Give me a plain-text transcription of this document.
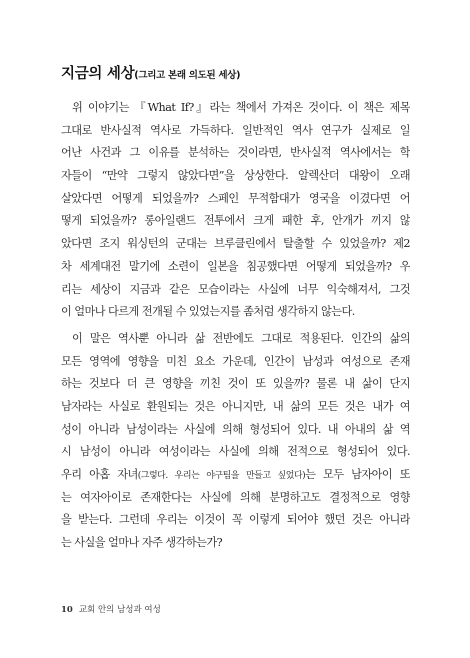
지금의 세상(그리고 본래 의도된 세상)
위 이야기는 『What If?』라는 책에서 가져온 것이다. 이 책은 제목
그대로 반사실적 역사로 가득하다. 일반적인 역사 연구가 실제로 일
어난 사건과 그 이유를 분석하는 것이라면, 반사실적 역사에서는 학
자들이 “만약 그렇지 않았다면”을 상상한다. 알렉산더 대왕이 오래
살았다면 어떻게 되었을까? 스페인 무적함대가 영국을 이겼다면 어
떻게 되었을까? 롱아일랜드 전투에서 크게 패한 후, 안개가 끼지 않
았다면 조지 워싱턴의 군대는 브루클린에서 탈출할 수 있었을까? 제2
차 세계대전 말기에 소련이 일본을 침공했다면 어떻게 되었을까? 우
리는 세상이 지금과 같은 모습이라는 사실에 너무 익숙해져서, 그것
이 얼마나 다르게 전개될 수 있었는지를 좀처럼 생각하지 않는다.
이 말은 역사뿐 아니라 삶 전반에도 그대로 적용된다. 인간의 삶의
모든 영역에 영향을 미친 요소 가운데, 인간이 남성과 여성으로 존재
하는 것보다 더 큰 영향을 끼친 것이 또 있을까? 물론 내 삶이 단지
남자라는 사실로 환원되는 것은 아니지만, 내 삶의 모든 것은 내가 여
성이 아니라 남성이라는 사실에 의해 형성되어 있다. 내 아내의 삶 역
시 남성이 아니라 여성이라는 사실에 의해 전적으로 형성되어 있다.
우리 아홉 자녀(그렇다. 우리는 야구팀을 만들고 싶었다)는 모두 남자아이 또
는 여자아이로 존재한다는 사실에 의해 분명하고도 결정적으로 영향
을 받는다. 그런데 우리는 이것이 꼭 이렇게 되어야 했던 것은 아니라
는 사실을 얼마나 자주 생각하는가?
10 교회 안의 남성과 여성
